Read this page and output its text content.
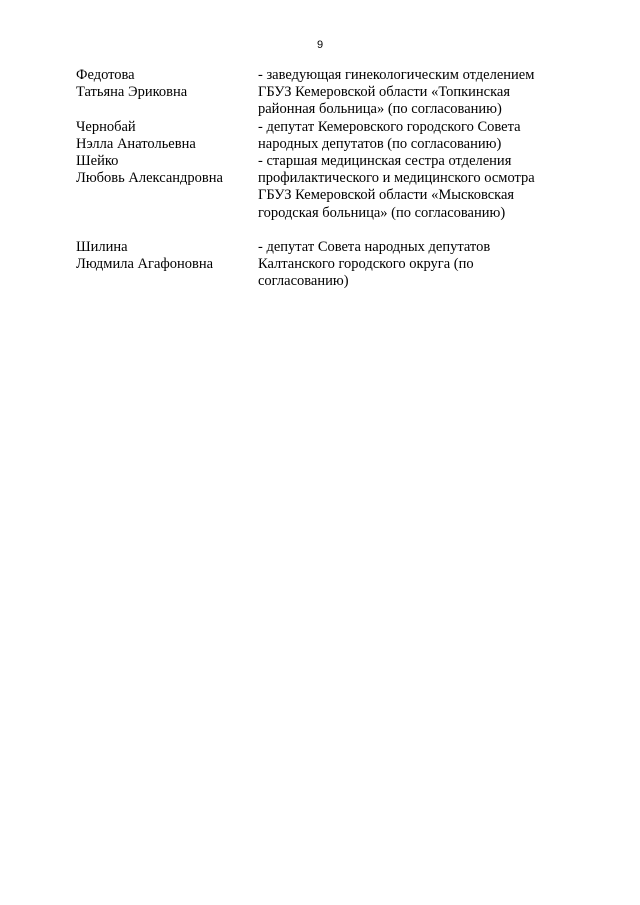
9
Федотова
Татьяна Эриковна
- заведующая гинекологическим отделением
ГБУЗ Кемеровской области «Топкинская
районная больница» (по согласованию)
Чернобай
Нэлла Анатольевна
- депутат Кемеровского городского Совета
народных депутатов (по согласованию)
Шейко
Любовь Александровна
- старшая медицинская сестра отделения
профилактического и медицинского осмотра
ГБУЗ Кемеровской области «Мысковская
городская больница» (по согласованию)
Шилина
Людмила Агафоновна
- депутат Совета народных депутатов
Калтанского городского округа (по
согласованию)
